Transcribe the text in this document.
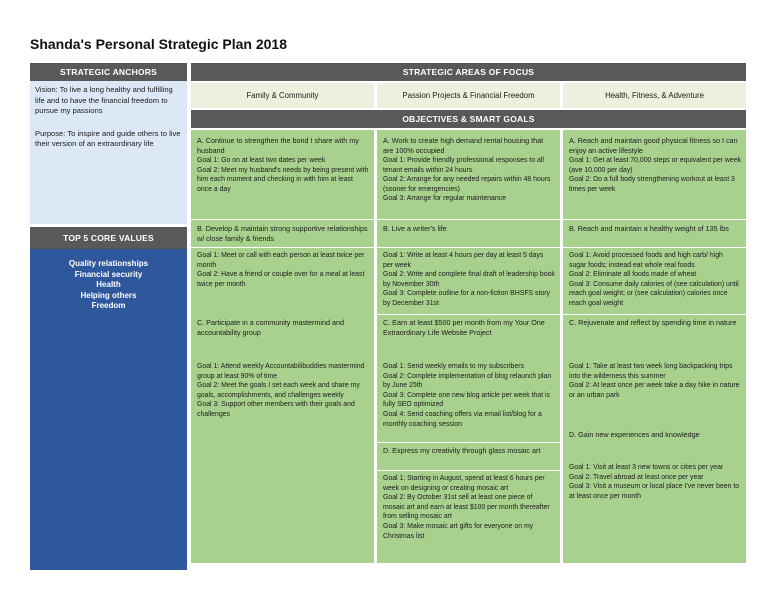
Shanda's Personal Strategic Plan 2018
STRATEGIC ANCHORS

Vision: To live a long healthy and fulfilling life and to have the financial freedom to pursue my passions

Purpose: To inspire and guide others to live their version of an extraordinary life

TOP 5 CORE VALUES
Quality relationships
Financial security
Health
Helping others
Freedom
STRATEGIC AREAS OF FOCUS
Family & Community	Passion Projects & Financial Freedom	Health, Fitness, & Adventure
OBJECTIVES & SMART GOALS
A. Continue to strengthen the bond I share with my husband
Goal 1: Go on at least two dates per week
Goal 2: Meet my husband's needs by being present with him each moment and checking in with him at least once a day
B. Develop & maintain strong supportive relationships w/ close family & friends
Goal 1: Meet or call with each person at least twice per month
Goal 2: Have a friend or couple over for a meal at least twice per month
C. Participate in a community mastermind and accountability group
Goal 1: Attend weekly Accountabilibuddies mastermind group at least 90% of time
Goal 2: Meet the goals I set each week and share my goals, accomplishments, and challenges weekly
Goal 3: Support other members with their goals and challenges
A. Work to create high demand rental housing that are 100% occupied
Goal 1: Provide friendly professional responses to all tenant emails within 24 hours
Goal 2: Arrange for any needed repairs within 48 hours (sooner for emergencies)
Goal 3: Arrange for regular maintenance
B. Live a writer's life
Goal 1: Write at least 4 hours per day at least 5 days per week
Goal 2: Write and complete final draft of leadership book by November 30th
Goal 3: Complete outline for a non-fiction BHSFS story by December 31st
C. Earn at least $500 per month from my Your One Extraordinary Life Website Project
Goal 1: Send weekly emails to my subscribers
Goal 2: Complete implementation of blog relaunch plan by June 25th
Goal 3: Complete one new blog article per week that is fully SEO optimized
Goal 4: Send coaching offers via email list/blog for a monthly coaching session
D. Express my creativity through glass mosaic art
Goal 1: Starting in August, spend at least 6 hours per week on designing or creating mosaic art
Goal 2: By October 31st sell at least one piece of mosaic art and earn at least $100 per month thereafter from selling mosaic art
Goal 3: Make mosaic art gifts for everyone on my Christmas list
A. Reach and maintain good physical fitness so I can enjoy an active lifestyle
Goal 1: Get at least 70,000 steps or equivalent per week (ave 10,000 per day)
Goal 2: Do a full body strengthening workout at least 3 times per week
B. Reach and maintain a healthy weight of 135 lbs
Goal 1: Avoid processed foods and high carb/ high sugar foods; instead eat whole real foods
Goal 2: Eliminate all foods made of wheat
Goal 3: Consume daily calories of (see calculation) until reach goal weight; or (see calculation) calories once reach goal weight
C. Rejuvenate and reflect by spending time in nature
Goal 1: Take at least two week long backpacking trips into the wilderness this summer
Goal 2: At least once per week take a day hike in nature or an urban park
D. Gain new experiences and knowledge
Goal 1: Visit at least 3 new towns or cities per year
Goal 2: Travel abroad at least once per year
Goal 3: Visit a museum or local place I've never been to at least once per month
